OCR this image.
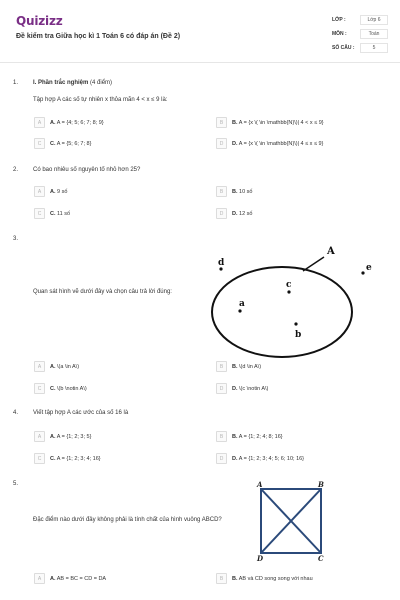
Quizizz
Đề kiểm tra Giữa học kì 1 Toán 6 có đáp án (Đề 2)
LỚP :	Lớp 6
MÔN :	Toán
SỐ CÂU :	5
1. I. Phần trắc nghiệm (4 điểm)
Tập hợp A các số tự nhiên x thỏa mãn 4 < x ≤ 9 là:
A	A. A = {4; 5; 6; 7; 8; 9}	B	B. A = {x \( \in \mathbb{N}\)| 4 < x ≤ 9}
C	C. A = {5; 6; 7; 8}	D	D. A = {x \( \in \mathbb{N}\)| 4 ≤ x ≤ 9}
2. Có bao nhiêu số nguyên tố nhỏ hơn 25?
A	A. 9 số	B	B. 10 số
C	C. 11 số	D	D. 12 số
3.
Quan sát hình vẽ dưới đây và chọn câu trả lời đúng:
A
a
b
c
d	e
A	A. \(a \in A\)	B	B. \(d \in A\)
C	C. \(b \notin A\)	D	D. \(c \notin A\)
4. Viết tập hợp A các ước của số 16 là
A	A. A = {1; 2; 3; 5}	B	B. A = {1; 2; 4; 8; 16}
C	C. A = {1; 2; 3; 4; 16}	D	D. A = {1; 2; 3; 4; 5; 6; 10; 16}
5.
Đặc điểm nào dưới đây không phải là tính chất của hình vuông ABCD?
A	B
C
D
A	A. AB = BC = CD = DA	B	B. AB và CD song song với nhau
